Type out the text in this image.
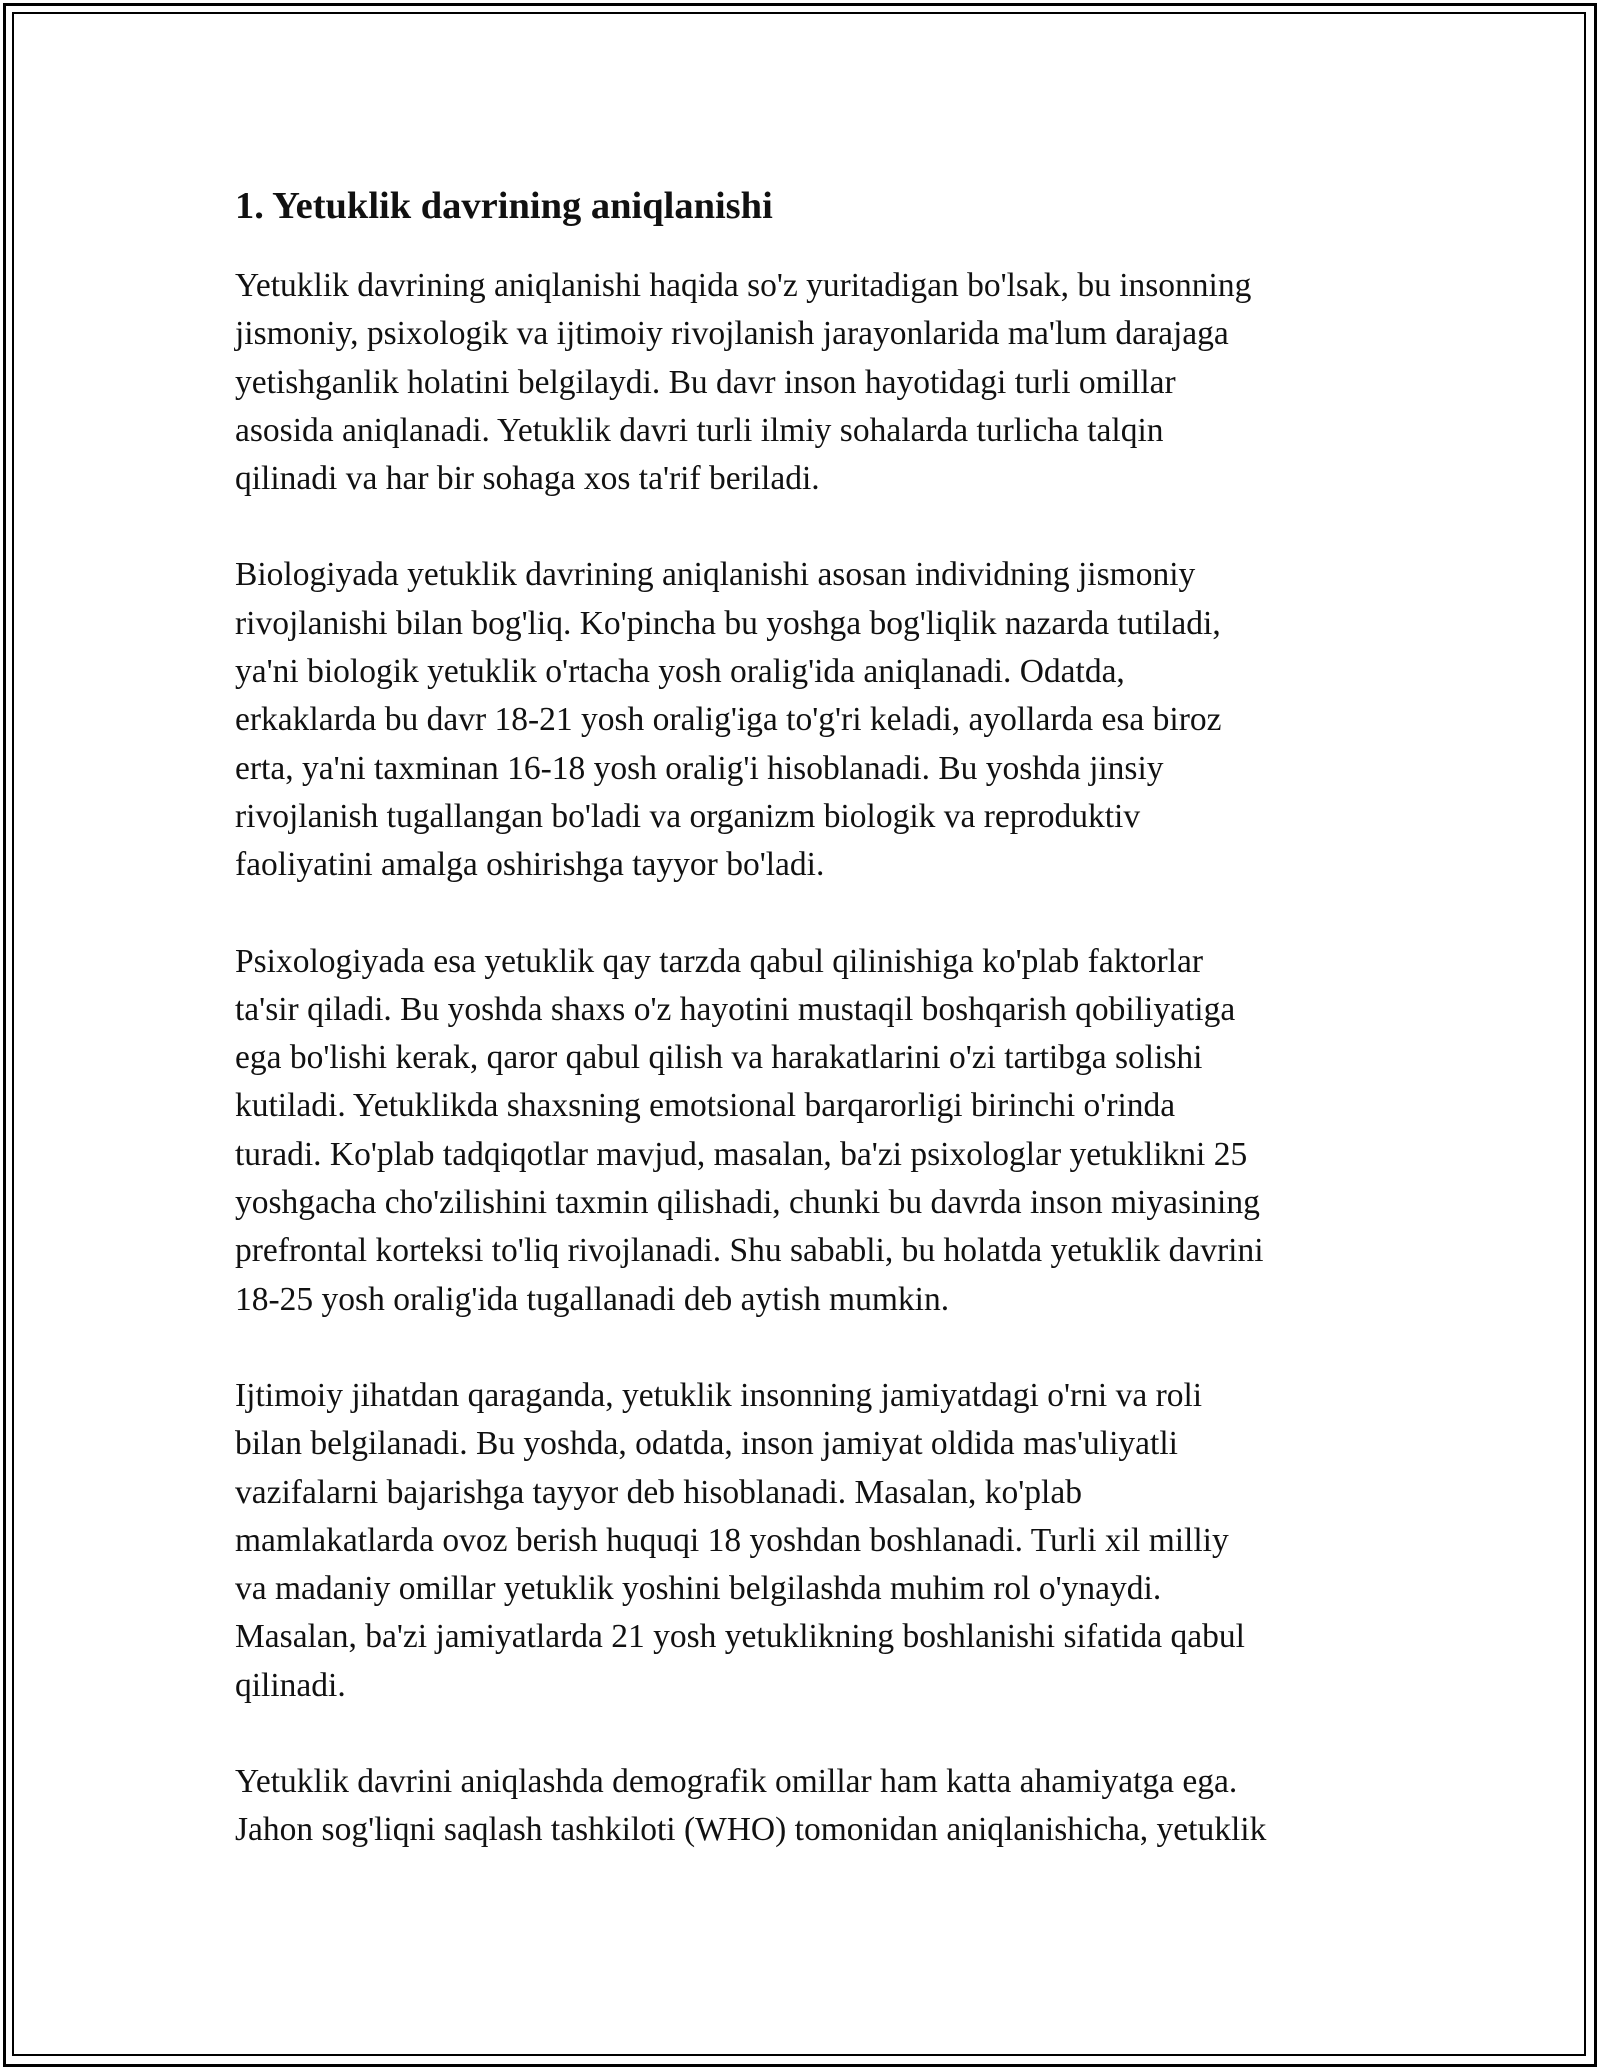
1. Yetuklik davrining aniqlanishi

Yetuklik davrining aniqlanishi haqida so'z yuritadigan bo'lsak, bu insonning
jismoniy, psixologik va ijtimoiy rivojlanish jarayonlarida ma'lum darajaga
yetishganlik holatini belgilaydi. Bu davr inson hayotidagi turli omillar
asosida aniqlanadi. Yetuklik davri turli ilmiy sohalarda turlicha talqin
qilinadi va har bir sohaga xos ta'rif beriladi.

Biologiyada yetuklik davrining aniqlanishi asosan individning jismoniy
rivojlanishi bilan bog'liq. Ko'pincha bu yoshga bog'liqlik nazarda tutiladi,
ya'ni biologik yetuklik o'rtacha yosh oralig'ida aniqlanadi. Odatda,
erkaklarda bu davr 18-21 yosh oralig'iga to'g'ri keladi, ayollarda esa biroz
erta, ya'ni taxminan 16-18 yosh oralig'i hisoblanadi. Bu yoshda jinsiy
rivojlanish tugallangan bo'ladi va organizm biologik va reproduktiv
faoliyatini amalga oshirishga tayyor bo'ladi.

Psixologiyada esa yetuklik qay tarzda qabul qilinishiga ko'plab faktorlar
ta'sir qiladi. Bu yoshda shaxs o'z hayotini mustaqil boshqarish qobiliyatiga
ega bo'lishi kerak, qaror qabul qilish va harakatlarini o'zi tartibga solishi
kutiladi. Yetuklikda shaxsning emotsional barqarorligi birinchi o'rinda
turadi. Ko'plab tadqiqotlar mavjud, masalan, ba'zi psixologlar yetuklikni 25
yoshgacha cho'zilishini taxmin qilishadi, chunki bu davrda inson miyasining
prefrontal korteksi to'liq rivojlanadi. Shu sababli, bu holatda yetuklik davrini
18-25 yosh oralig'ida tugallanadi deb aytish mumkin.

Ijtimoiy jihatdan qaraganda, yetuklik insonning jamiyatdagi o'rni va roli
bilan belgilanadi. Bu yoshda, odatda, inson jamiyat oldida mas'uliyatli
vazifalarni bajarishga tayyor deb hisoblanadi. Masalan, ko'plab
mamlakatlarda ovoz berish huquqi 18 yoshdan boshlanadi. Turli xil milliy
va madaniy omillar yetuklik yoshini belgilashda muhim rol o'ynaydi.
Masalan, ba'zi jamiyatlarda 21 yosh yetuklikning boshlanishi sifatida qabul
qilinadi.

Yetuklik davrini aniqlashda demografik omillar ham katta ahamiyatga ega.
Jahon sog'liqni saqlash tashkiloti (WHO) tomonidan aniqlanishicha, yetuklik
